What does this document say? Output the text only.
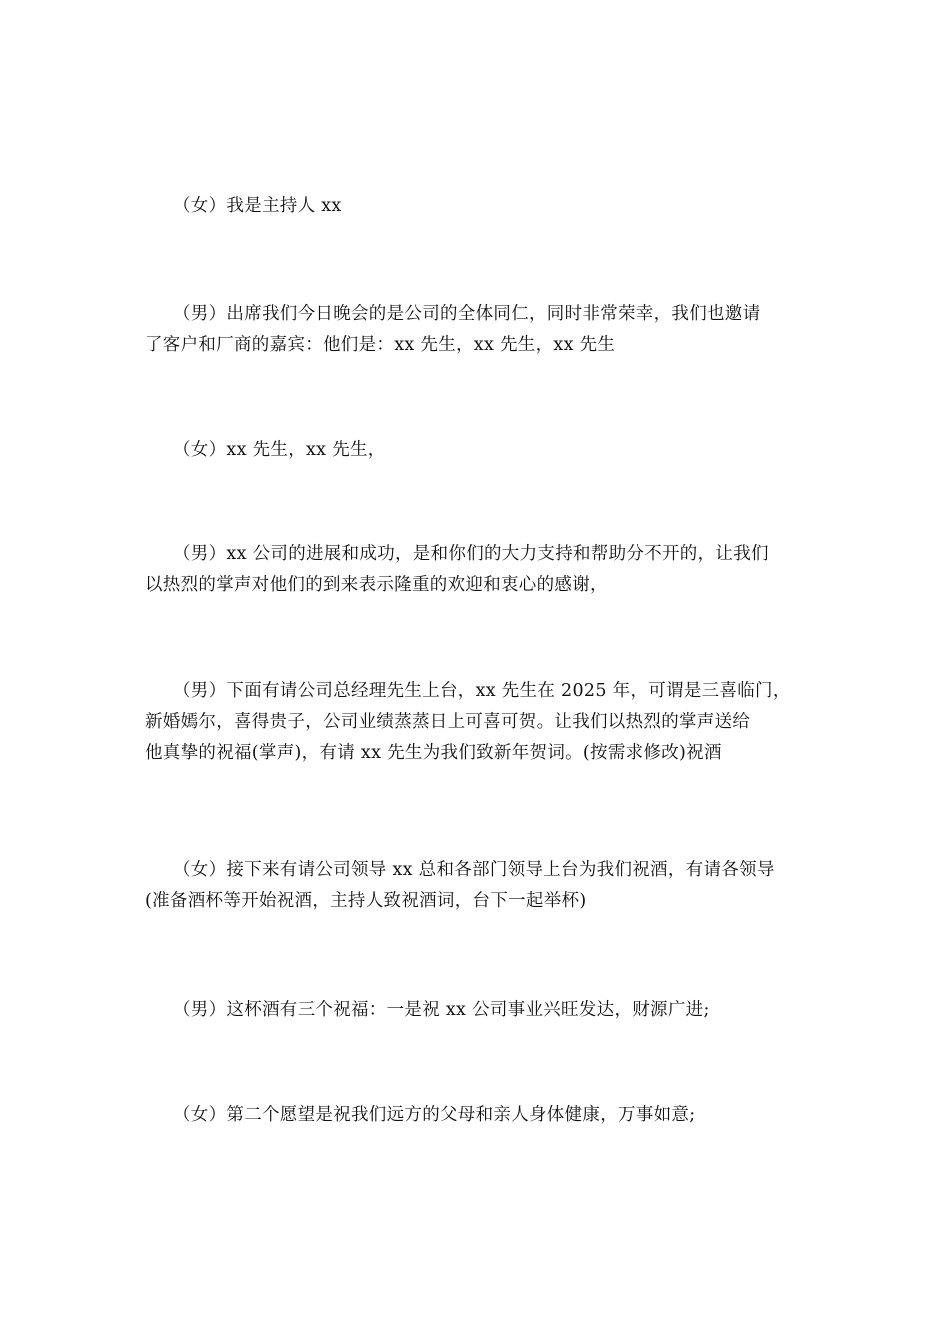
（女）我是主持人 xx

（男）出席我们今日晚会的是公司的全体同仁，同时非常荣幸，我们也邀请
了客户和厂商的嘉宾：他们是：xx 先生，xx 先生，xx 先生

（女）xx 先生，xx 先生，

（男）xx 公司的进展和成功，是和你们的大力支持和帮助分不开的，让我们
以热烈的掌声对他们的到来表示隆重的欢迎和衷心的感谢，

（男）下面有请公司总经理先生上台，xx 先生在 2025 年，可谓是三喜临门，
新婚嫣尔，喜得贵子，公司业绩蒸蒸日上可喜可贺。让我们以热烈的掌声送给
他真挚的祝福(掌声)，有请 xx 先生为我们致新年贺词。(按需求修改)祝酒

（女）接下来有请公司领导 xx 总和各部门领导上台为我们祝酒，有请各领导
(准备酒杯等开始祝酒，主持人致祝酒词，台下一起举杯)

（男）这杯酒有三个祝福：一是祝 xx 公司事业兴旺发达，财源广进;

（女）第二个愿望是祝我们远方的父母和亲人身体健康，万事如意;
